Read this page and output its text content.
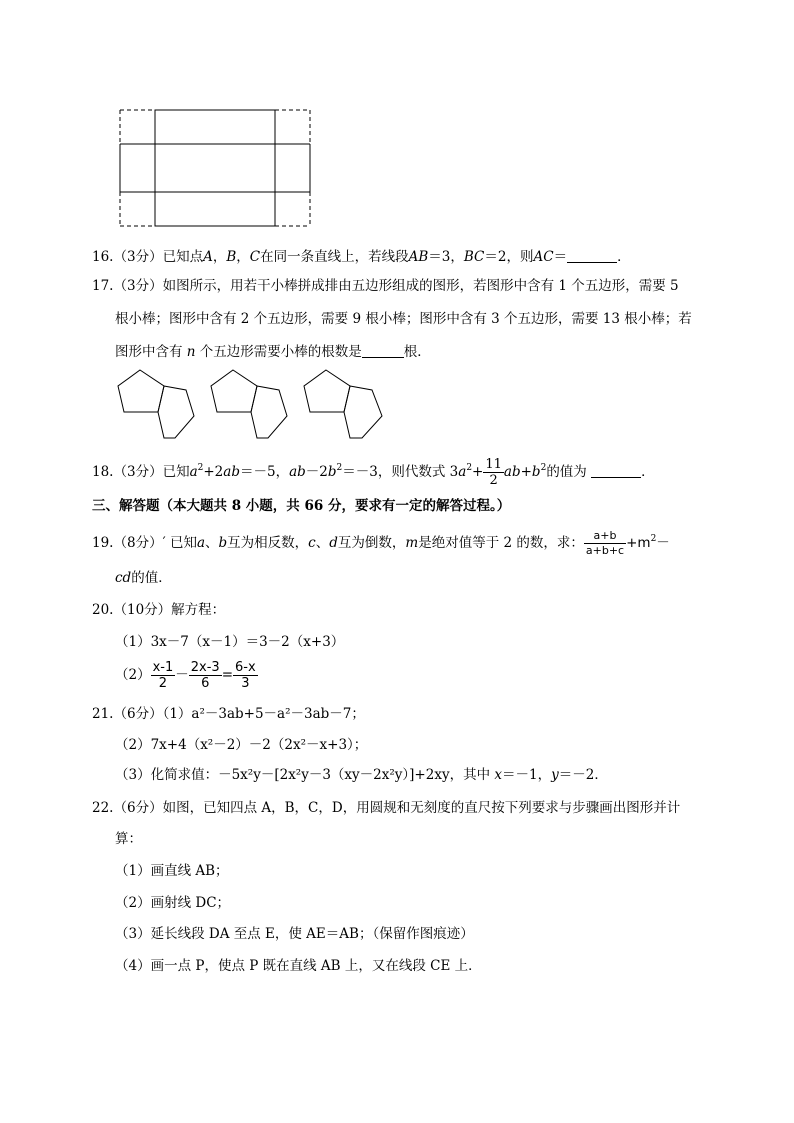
16.（3分）已知点A，B，C在同一条直线上，若线段AB＝3，BC＝2，则AC＝	．
17.（3分）如图所示，用若干小棒拼成排由五边形组成的图形，若图形中含有 1 个五边形，需要 5
根小棒；图形中含有 2 个五边形，需要 9 根小棒；图形中含有 3 个五边形，需要 13 根小棒；若
图形中含有 n 个五边形需要小棒的根数是	根．
18.（3分）已知$a^2+2ab=-5$，$ab-2b^2=-3$，则代数式 $3a^2+ \frac{11}{2} ab+b^2$的值为	．
三、解答题（本大题共 8 小题，共 66 分，要求有一定的解答过程。）
19.（8分）′ 已知a、b互为相反数，c、d互为倒数，m是绝对值等于 2 的数，求： $\frac{a+b}{a+b+c} +m^2-$
cd的值．
20.（10分）解方程：
（1）3x－7（x－1）＝3－2（x+3）
$(2) \frac{x-1}{2} - \frac{2x-3}{6} = \frac{6-x}{3}$
21.（6分）（1）a²－3ab+5－a²－3ab－7；
（2）7x+4（x²－2）－2（2x²－x+3）；
（3）化简求值：－5x²y－[2x²y－3（xy－2x²y）]+2xy，其中 x＝－1，y＝－2．
22.（6分）如图，已知四点 A，B，C，D，用圆规和无刻度的直尺按下列要求与步骤画出图形并计
算：
（1）画直线 AB；
（2）画射线 DC；
（3）延长线段 DA 至点 E，使 AE＝AB；（保留作图痕迹）
（4）画一点 P，使点 P 既在直线 AB 上，又在线段 CE 上．
